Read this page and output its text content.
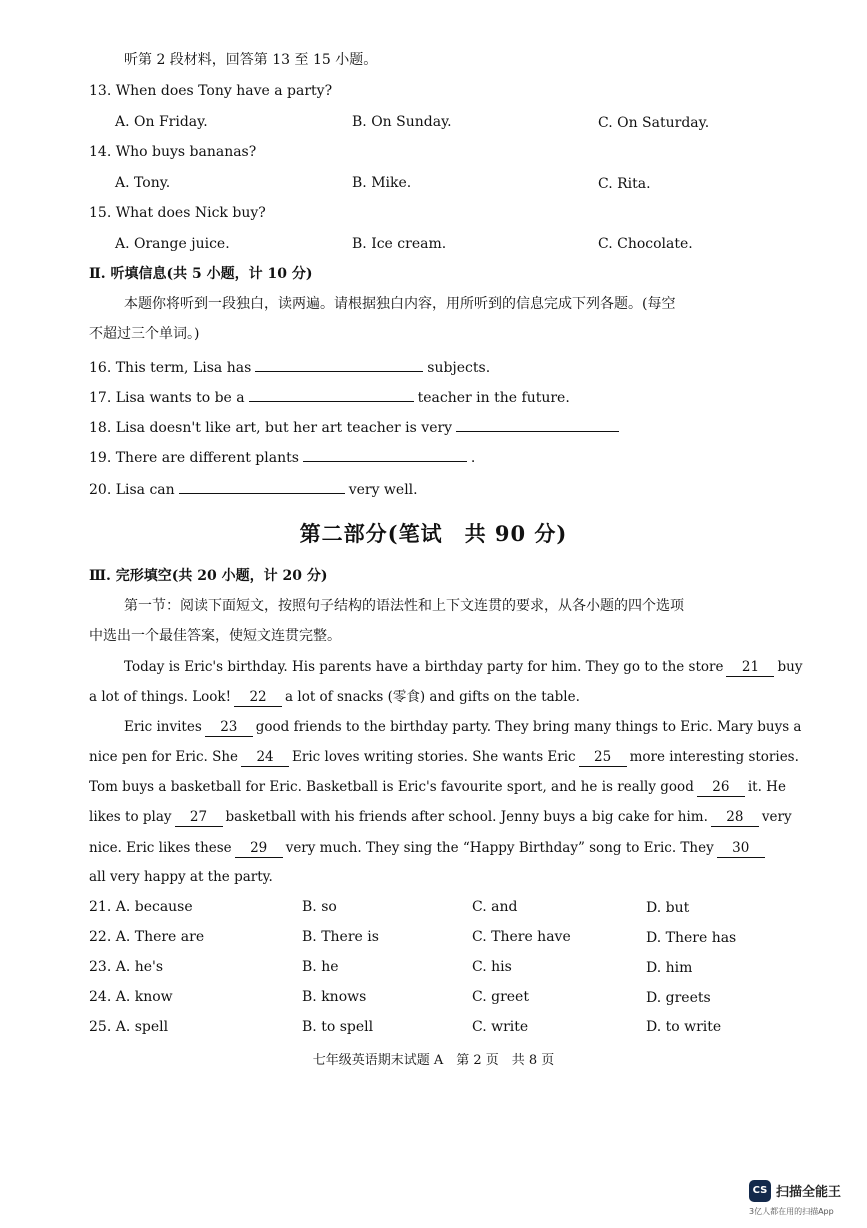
听第 2 段材料，回答第 13 至 15 小题。
13. When does Tony have a party?
A. On Friday.	B. On Sunday.	C. On Saturday.
14. Who buys bananas?
A. Tony.	B. Mike.	C. Rita.
15. What does Nick buy?
A. Orange juice.	B. Ice cream.	C. Chocolate.
Ⅱ. 听填信息(共 5 小题，计 10 分)
本题你将听到一段独白，读两遍。请根据独白内容，用所听到的信息完成下列各题。(每空
不超过三个单词。)
16. This term, Lisa has	subjects.
17. Lisa wants to be a	teacher in the future.
18. Lisa doesn't like art, but her art teacher is very
19. There are different plants	.
20. Lisa can	very well.
第二部分(笔试　共 90 分)
Ⅲ. 完形填空(共 20 小题，计 20 分)
第一节：阅读下面短文，按照句子结构的语法性和上下文连贯的要求，从各小题的四个选项
中选出一个最佳答案，使短文连贯完整。
Today is Eric's birthday. His parents have a birthday party for him. They go to the store 21 buy
a lot of things. Look! 22 a lot of snacks (零食) and gifts on the table.
Eric invites 23 good friends to the birthday party. They bring many things to Eric. Mary buys a
nice pen for Eric. She 24 Eric loves writing stories. She wants Eric 25 more interesting stories.
Tom buys a basketball for Eric. Basketball is Eric's favourite sport, and he is really good 26 it. He
likes to play 27 basketball with his friends after school. Jenny buys a big cake for him. 28 very
nice. Eric likes these 29 very much. They sing the “Happy Birthday” song to Eric. They 30
all very happy at the party.
21. A. because	B. so	C. and	D. but
22. A. There are	B. There is	C. There have	D. There has
23. A. he's	B. he	C. his	D. him
24. A. know	B. knows	C. greet	D. greets
25. A. spell	B. to spell	C. write	D. to write
七年级英语期末试题 A　第 2 页　共 8 页
CS 扫描全能王
3亿人都在用的扫描App
